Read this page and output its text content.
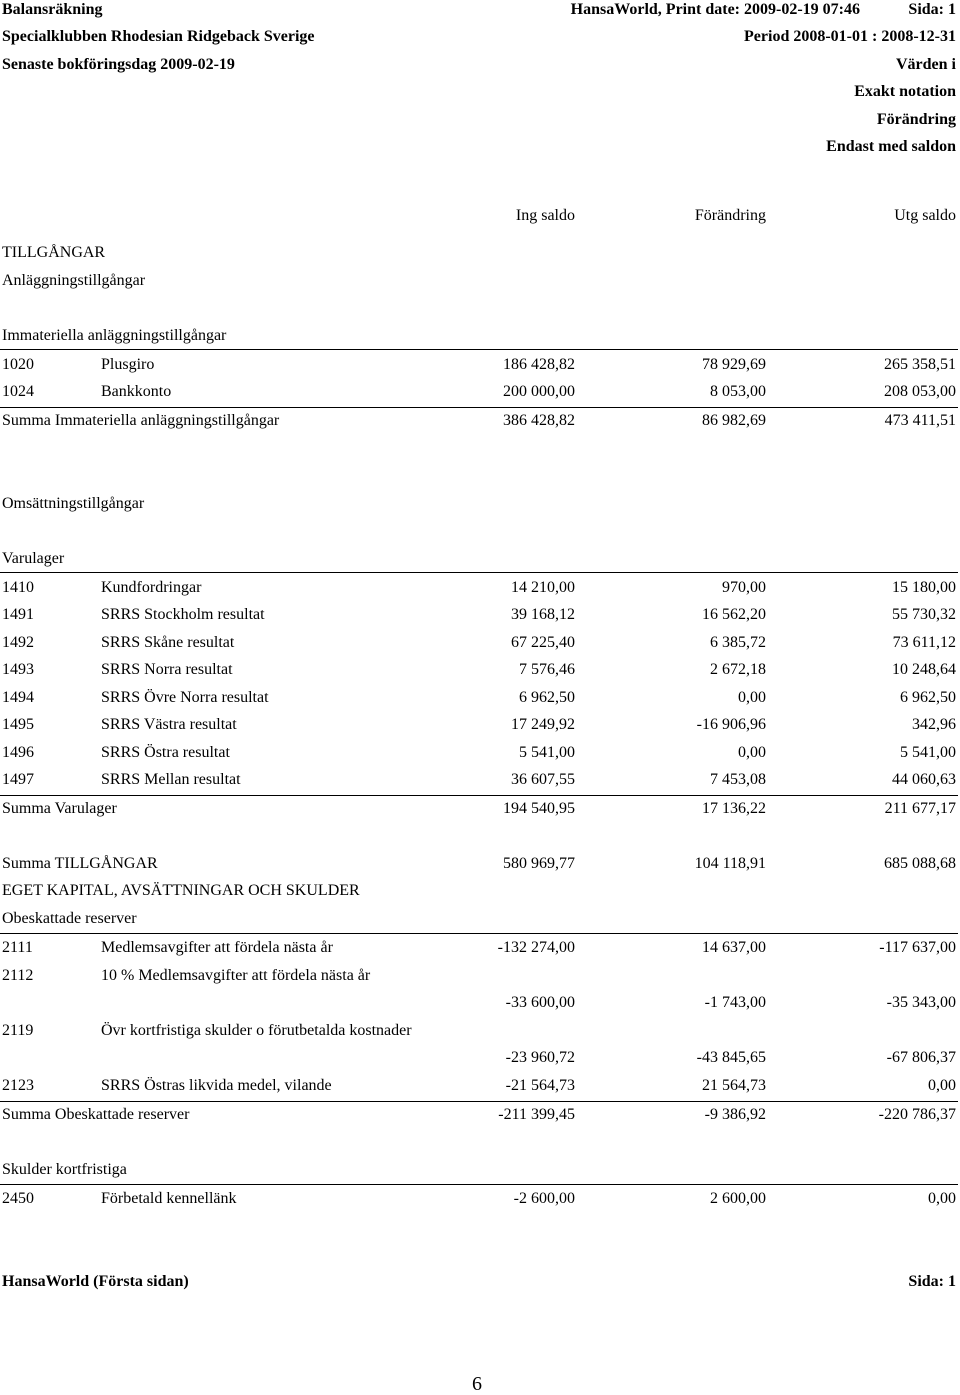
Balansräkning
Specialklubben Rhodesian Ridgeback Sverige
Senaste bokföringsdag 2009-02-19
HansaWorld, Print date: 2009-02-19 07:46	Sida: 1
Period 2008-01-01 : 2008-12-31
Värden i
Exakt notation
Förändring
Endast med saldon
Ing saldo	Förändring	Utg saldo
TILLGÅNGAR
Anläggningstillgångar
Immateriella anläggningstillgångar
1020	Plusgiro	186 428,82	78 929,69	265 358,51
1024	Bankkonto	200 000,00	8 053,00	208 053,00
Summa Immateriella anläggningstillgångar	386 428,82	86 982,69	473 411,51
Omsättningstillgångar
Varulager
1410	Kundfordringar	14 210,00	970,00	15 180,00
1491	SRRS Stockholm resultat	39 168,12	16 562,20	55 730,32
1492	SRRS Skåne resultat	67 225,40	6 385,72	73 611,12
1493	SRRS Norra resultat	7 576,46	2 672,18	10 248,64
1494	SRRS Övre Norra resultat	6 962,50	0,00	6 962,50
1495	SRRS Västra resultat	17 249,92	-16 906,96	342,96
1496	SRRS Östra resultat	5 541,00	0,00	5 541,00
1497	SRRS Mellan resultat	36 607,55	7 453,08	44 060,63
Summa Varulager	194 540,95	17 136,22	211 677,17
Summa TILLGÅNGAR	580 969,77	104 118,91	685 088,68
EGET KAPITAL, AVSÄTTNINGAR OCH SKULDER
Obeskattade reserver
2111	Medlemsavgifter att fördela nästa år	-132 274,00	14 637,00	-117 637,00
2112	10 % Medlemsavgifter att fördela nästa år
-33 600,00	-1 743,00	-35 343,00
2119	Övr kortfristiga skulder o förutbetalda kostnader
-23 960,72	-43 845,65	-67 806,37
2123	SRRS Östras likvida medel, vilande	-21 564,73	21 564,73	0,00
Summa Obeskattade reserver	-211 399,45	-9 386,92	-220 786,37
Skulder kortfristiga
2450	Förbetald kennellänk	-2 600,00	2 600,00	0,00
HansaWorld (Första sidan)	Sida: 1
6
